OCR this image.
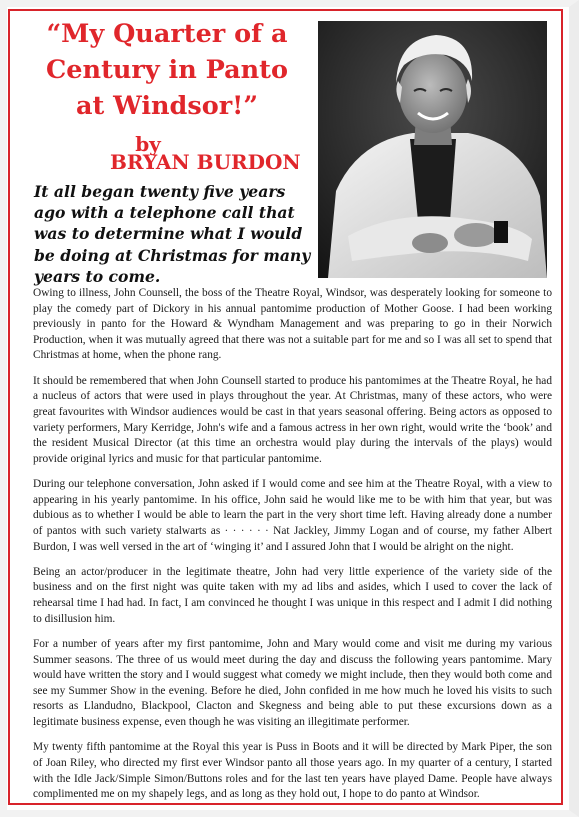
“My Quarter of a
Century in Panto
at Windsor!”
by
BRYAN BURDON

It all began twenty five years ago with a telephone call that was to determine what I would be doing at Christmas for many years to come.

Owing to illness, John Counsell, the boss of the Theatre Royal, Windsor, was desperately looking for someone to play the comedy part of Dickory in his annual pantomime production of Mother Goose. I had been working previously in panto for the Howard & Wyndham Management and was preparing to go in their Norwich Production, when it was mutually agreed that there was not a suitable part for me and so I was all set to spend that Christmas at home, when the phone rang.

It should be remembered that when John Counsell started to produce his pantomimes at the Theatre Royal, he had a nucleus of actors that were used in plays throughout the year. At Christmas, many of these actors, who were great favourites with Windsor audiences would be cast in that years seasonal offering. Being actors as opposed to variety performers, Mary Kerridge, John's wife and a famous actress in her own right, would write the ‘book’ and the resident Musical Director (at this time an orchestra would play during the intervals of the plays) would provide original lyrics and music for that particular pantomime.

During our telephone conversation, John asked if I would come and see him at the Theatre Royal, with a view to appearing in his yearly pantomime. In his office, John said he would like me to be with him that year, but was dubious as to whether I would be able to learn the part in the very short time left. Having already done a number of pantos with such variety stalwarts as · · · · · · Nat Jackley, Jimmy Logan and of course, my father Albert Burdon, I was well versed in the art of ‘winging it’ and I assured John that I would be alright on the night.

Being an actor/producer in the legitimate theatre, John had very little experience of the variety side of the business and on the first night was quite taken with my ad libs and asides, which I used to cover the lack of rehearsal time I had had. In fact, I am convinced he thought I was unique in this respect and I admit I did nothing to disillusion him.

For a number of years after my first pantomime, John and Mary would come and visit me during my various Summer seasons. The three of us would meet during the day and discuss the following years pantomime. Mary would have written the story and I would suggest what comedy we might include, then they would both come and see my Summer Show in the evening. Before he died, John confided in me how much he loved his visits to such resorts as Llandudno, Blackpool, Clacton and Skegness and being able to put these excursions down as a legitimate business expense, even though he was visiting an illegitimate performer.

My twenty fifth pantomime at the Royal this year is Puss in Boots and it will be directed by Mark Piper, the son of Joan Riley, who directed my first ever Windsor panto all those years ago. In my quarter of a century, I started with the Idle Jack/Simple Simon/Buttons roles and for the last ten years have played Dame. People have always complimented me on my shapely legs, and as long as they hold out, I hope to do panto at Windsor.
